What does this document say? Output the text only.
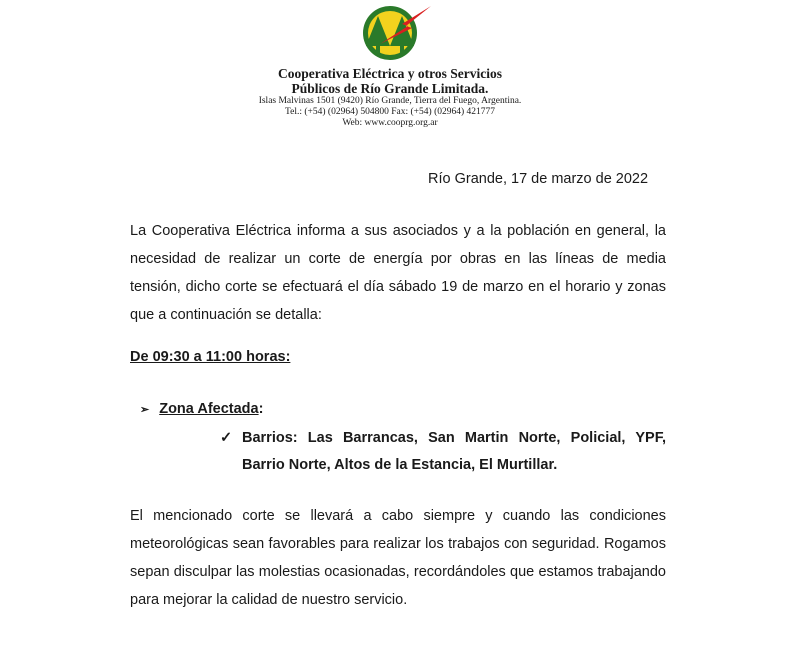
Cooperativa Eléctrica y otros Servicios
Públicos de Río Grande Limitada.
Islas Malvinas 1501 (9420) Río Grande, Tierra del Fuego, Argentina.
Tel.: (+54) (02964) 504800 Fax: (+54) (02964) 421777
Web: www.cooprg.org.ar
Río Grande, 17 de marzo de 2022
La Cooperativa Eléctrica informa a sus asociados y a la población en general, la necesidad de realizar un corte de energía por obras en las líneas de media tensión, dicho corte se efectuará el día sábado 19 de marzo en el horario y zonas que a continuación se detalla:
De 09:30 a 11:00 horas:
➢ Zona Afectada:
✓ Barrios: Las Barrancas, San Martin Norte, Policial, YPF, Barrio Norte, Altos de la Estancia, El Murtillar.
El mencionado corte se llevará a cabo siempre y cuando las condiciones meteorológicas sean favorables para realizar los trabajos con seguridad. Rogamos sepan disculpar las molestias ocasionadas, recordándoles que estamos trabajando para mejorar la calidad de nuestro servicio.
